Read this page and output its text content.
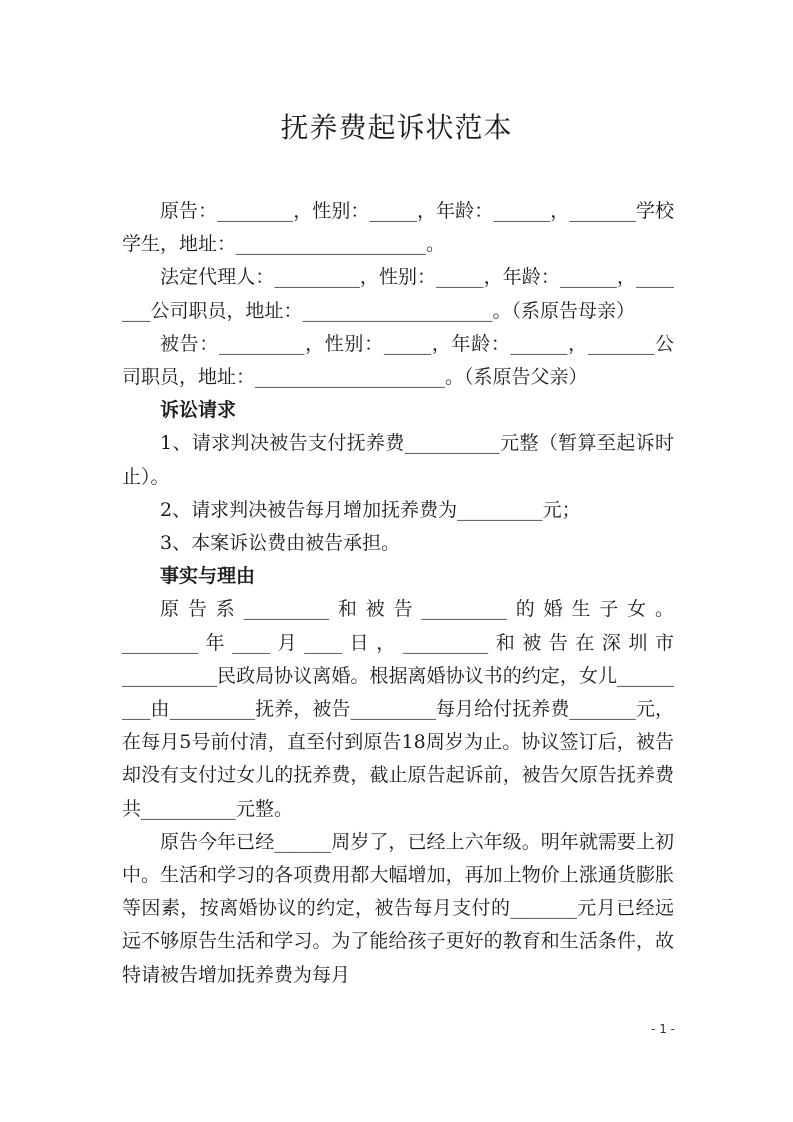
抚养费起诉状范本

原告：________，性别：_____，年龄：______，_______学校学生，地址：____________________。

法定代理人：_________，性别：_____，年龄：______，_______公司职员，地址：____________________。（系原告母亲）

被告：_________，性别：_____，年龄：______，_______公司职员，地址：____________________。（系原告父亲）

诉讼请求

1、请求判决被告支付抚养费__________元整（暂算至起诉时止）。

2、请求判决被告每月增加抚养费为_________元；

3、本案诉讼费由被告承担。

事实与理由

原告系_________和被告_________的婚生子女。

________年____月____日，_________和被告在深圳市

__________民政局协议离婚。根据离婚协议书的约定，女儿_________由_________抚养，被告_________每月给付抚养费_______元，在每月5号前付清，直至付到原告18周岁为止。协议签订后，被告却没有支付过女儿的抚养费，截止原告起诉前，被告欠原告抚养费共__________元整。

原告今年已经______周岁了，已经上六年级。明年就需要上初中。生活和学习的各项费用都大幅增加，再加上物价上涨通货膨胀等因素，按离婚协议的约定，被告每月支付的_______元月已经远远不够原告生活和学习。为了能给孩子更好的教育和生活条件，故特请被告增加抚养费为每月

- 1 -
